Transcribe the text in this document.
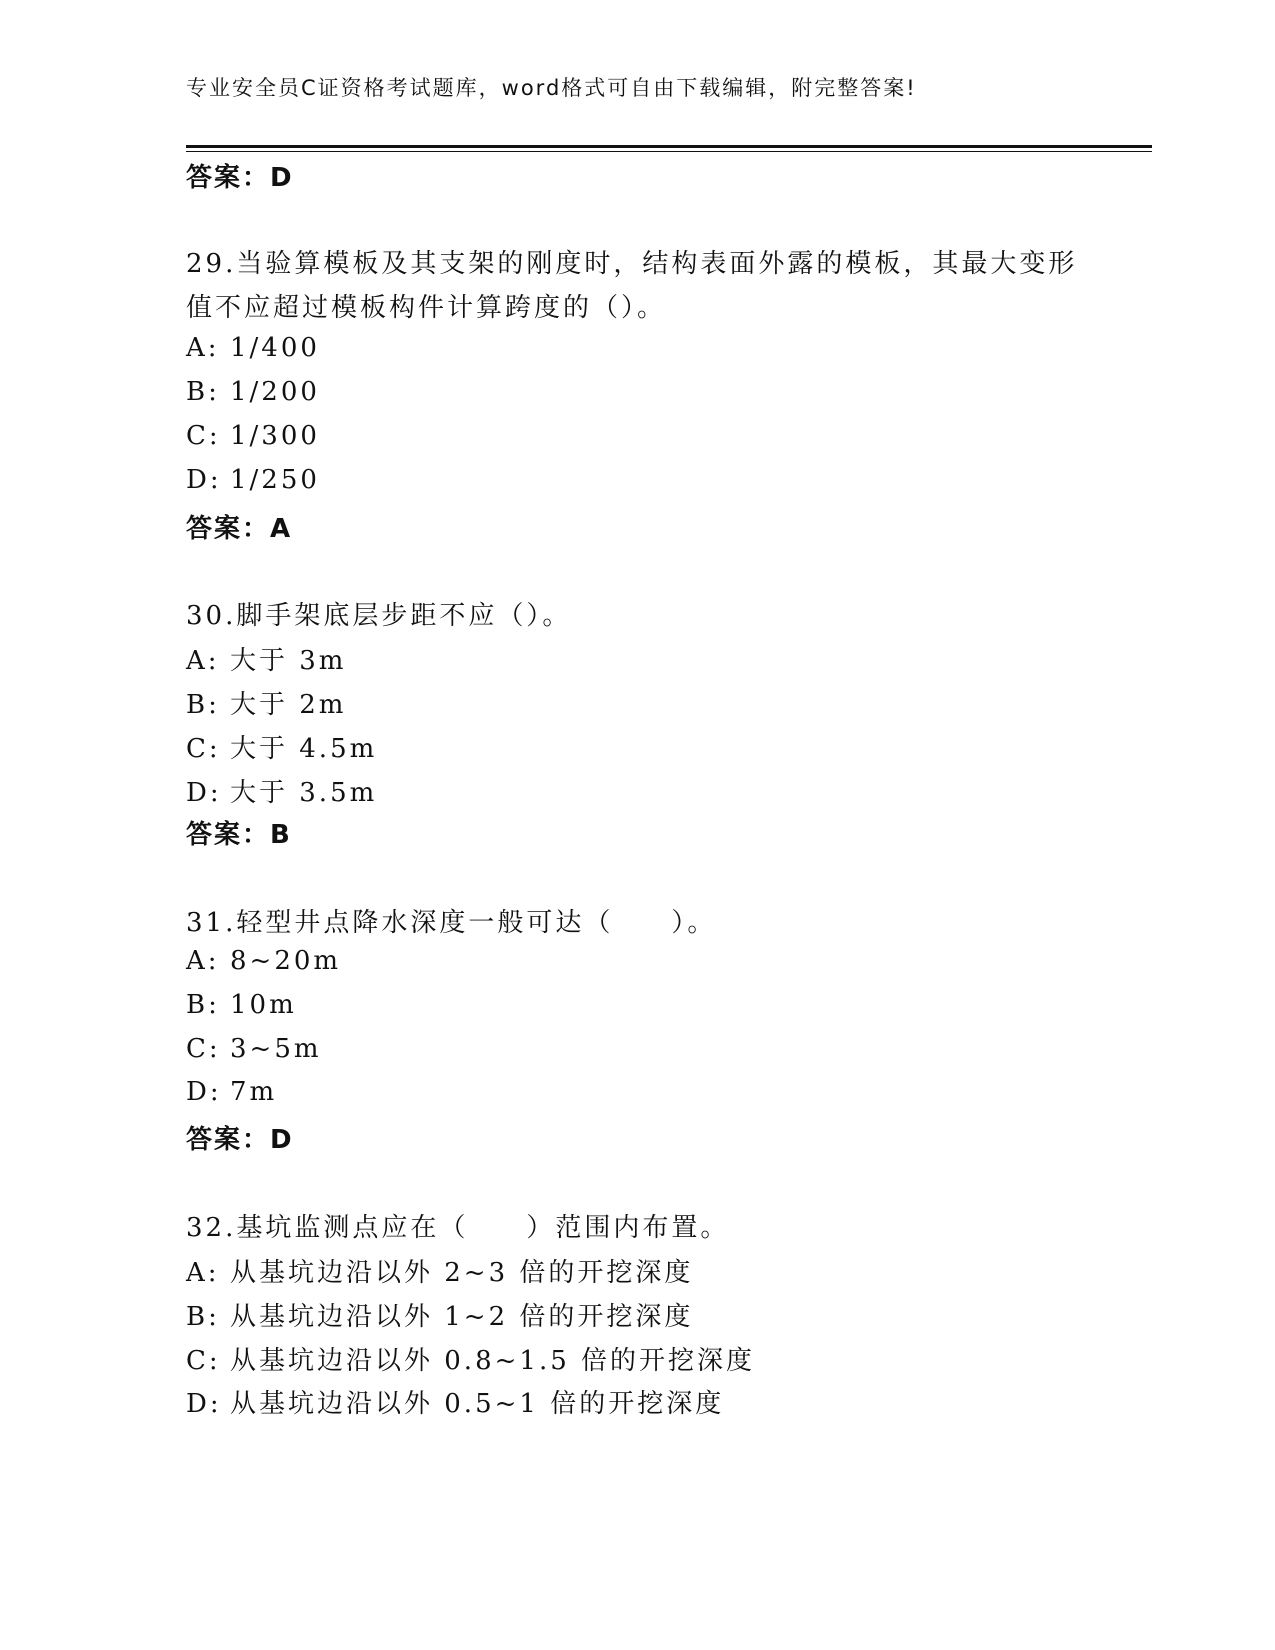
专业安全员C证资格考试题库，word格式可自由下载编辑，附完整答案!
答案：D
29.当验算模板及其支架的刚度时，结构表面外露的模板，其最大变形
值不应超过模板构件计算跨度的（）。
A: 1/400
B: 1/200
C: 1/300
D: 1/250
答案：A
30.脚手架底层步距不应（）。
A: 大于 3m
B: 大于 2m
C: 大于 4.5m
D: 大于 3.5m
答案：B
31.轻型井点降水深度一般可达（　　）。
A: 8~20m
B: 10m
C: 3~5m
D: 7m
答案：D
32.基坑监测点应在（　　）范围内布置。
A: 从基坑边沿以外 2~3 倍的开挖深度
B: 从基坑边沿以外 1~2 倍的开挖深度
C: 从基坑边沿以外 0.8~1.5 倍的开挖深度
D: 从基坑边沿以外 0.5~1 倍的开挖深度
